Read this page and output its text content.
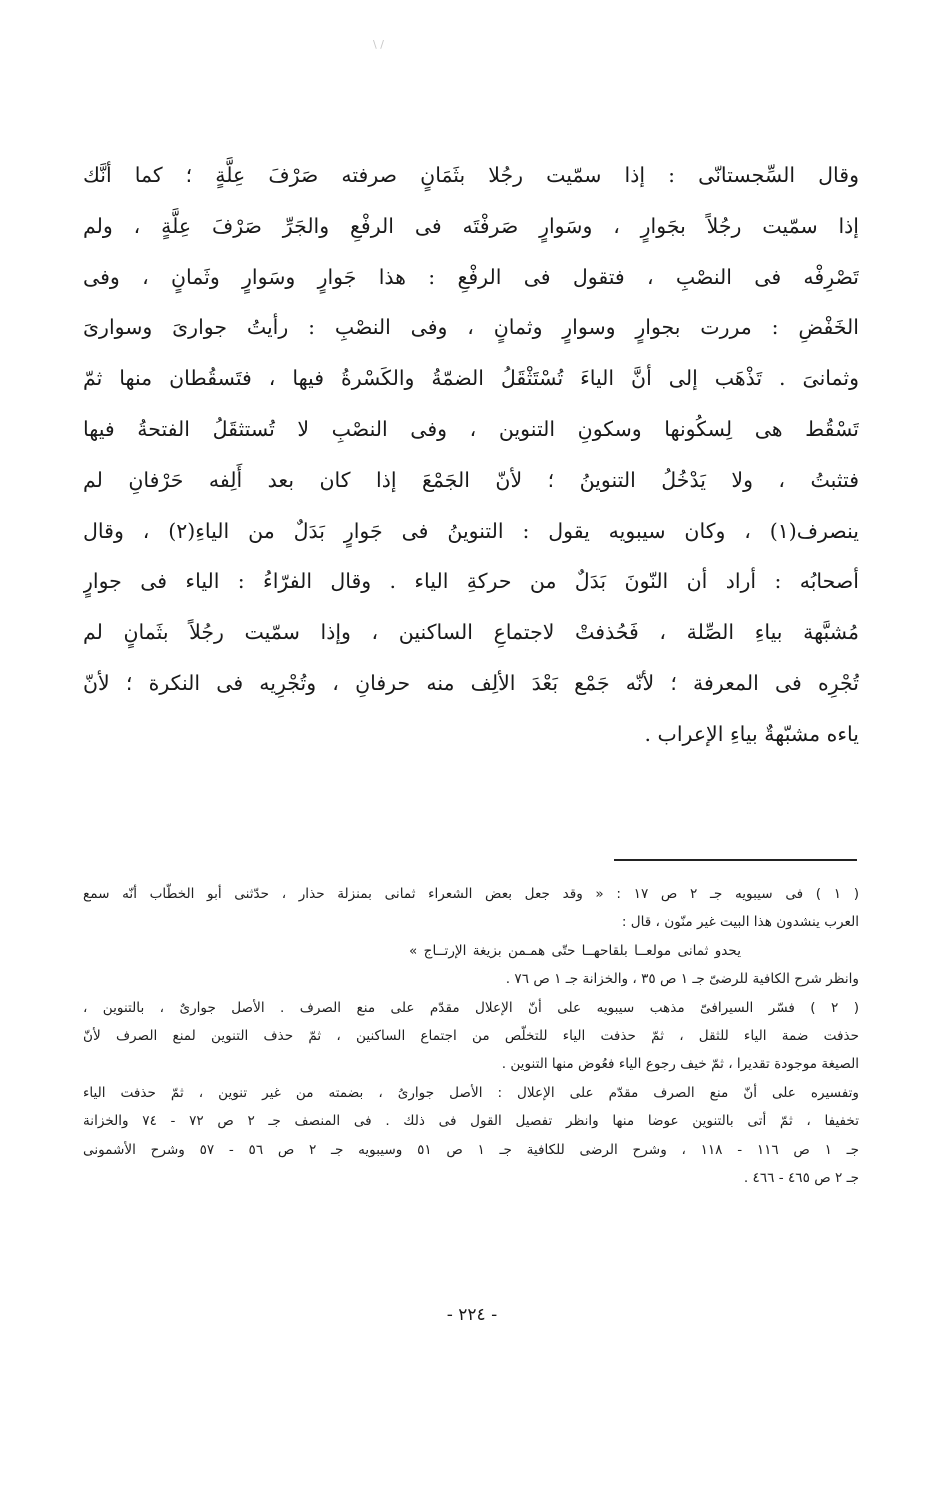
\ /
وقال السِّجستانّى : إذا سمّيت رجُلا بثَمَانٍ صرفته صَرْفَ عِلَّةٍ ؛ كما أنَّك
إذا سمّيت رجُلاً بجَوارٍ ، وسَوارٍ صَرفْتَه فى الرفْعِ والجَرِّ صَرْفَ عِلَّةٍ ، ولم
تَصْرِفْه فى النصْبِ ، فتقول فى الرفْعِ : هذا جَوارٍ وسَوارٍ وثَمانٍ ، وفى
الخَفْضِ : مررت بجوارٍ وسوارٍ وثمانٍ ، وفى النصْبِ : رأيتُ جوارىَ وسوارىَ
وثمانىَ . تَذْهَب إلى أنَّ الياءَ تُسْتَثْقَلُ الضمّةُ والكَسْرةُ فيها ، فتَسقُطان منها ثمّ
تَسْقُط هى لِسكُونها وسكونِ التنوين ، وفى النصْبِ لا تُستثقَلُ الفتحةُ فيها
فتثبتُ ، ولا يَدْخُلُ التنوينُ ؛ لأنّ الجَمْعَ إذا كان بعد أَلِفه حَرْفانِ لم
ينصرف(١) ، وكان سيبويه يقول : التنوينُ فى جَوارٍ بَدَلٌ من الياءِ(٢) ، وقال
أصحابُه : أراد أن النّونَ بَدَلٌ من حركةِ الياء . وقال الفرّاءُ : الياء فى جوارٍ
مُشبَّهة بياءِ الصِّلة ، فَحُذفتْ لاجتماعِ الساكنين ، وإذا سمّيت رجُلاً بثَمانٍ لم
تُجْرِه فى المعرفة ؛ لأنّه جَمْع بَعْدَ الألِف منه حرفانِ ، وتُجْرِيه فى النكرة ؛ لأنّ
ياءه مشبّهةٌ بياءِ الإعراب .
( ١ ) فى سيبويه جـ ٢ ص ١٧ : « وقد جعل بعض الشعراء ثمانى بمنزلة حذار ، حدّثنى أبو الخطّاب أنّه سمع
العرب ينشدون هذا البيت غير منّون ، قال :
يحدو ثمانى مولعــا بلقاحهــا حتّى همـمن بزيغة الإرتــاج »
وانظر شرح الكافية للرضىّ جـ ١ ص ٣٥ ، والخزانة جـ ١ ص ٧٦ .
( ٢ ) فسّر السيرافىّ مذهب سيبويه على أنّ الإعلال مقدّم على منع الصرف . الأصل جوارىٌ ، بالتنوين ،
حذفت ضمة الياء للثقل ، ثمّ حذفت الياء للتخلّص من اجتماع الساكنين ، ثمّ حذف التنوين لمنع الصرف لأنّ
الصيغة موجودة تقديرا ، ثمّ خيف رجوع الياء فعُوض منها التنوين .
وتفسيره على أنّ منع الصرف مقدّم على الإعلال : الأصل جوارىُ ، بضمته من غير تنوين ، ثمّ حذفت الياء
تخفيفا ، ثمّ أتى بالتنوين عوضا منها وانظر تفصيل القول فى ذلك . فى المنصف جـ ٢ ص ٧٢ - ٧٤ والخزانة
جـ ١ ص ١١٦ - ١١٨ ، وشرح الرضى للكافية جـ ١ ص ٥١ وسيبويه جـ ٢ ص ٥٦ - ٥٧ وشرح الأشمونى
جـ ٢ ص ٤٦٥ - ٤٦٦ .
- ٢٢٤ -
